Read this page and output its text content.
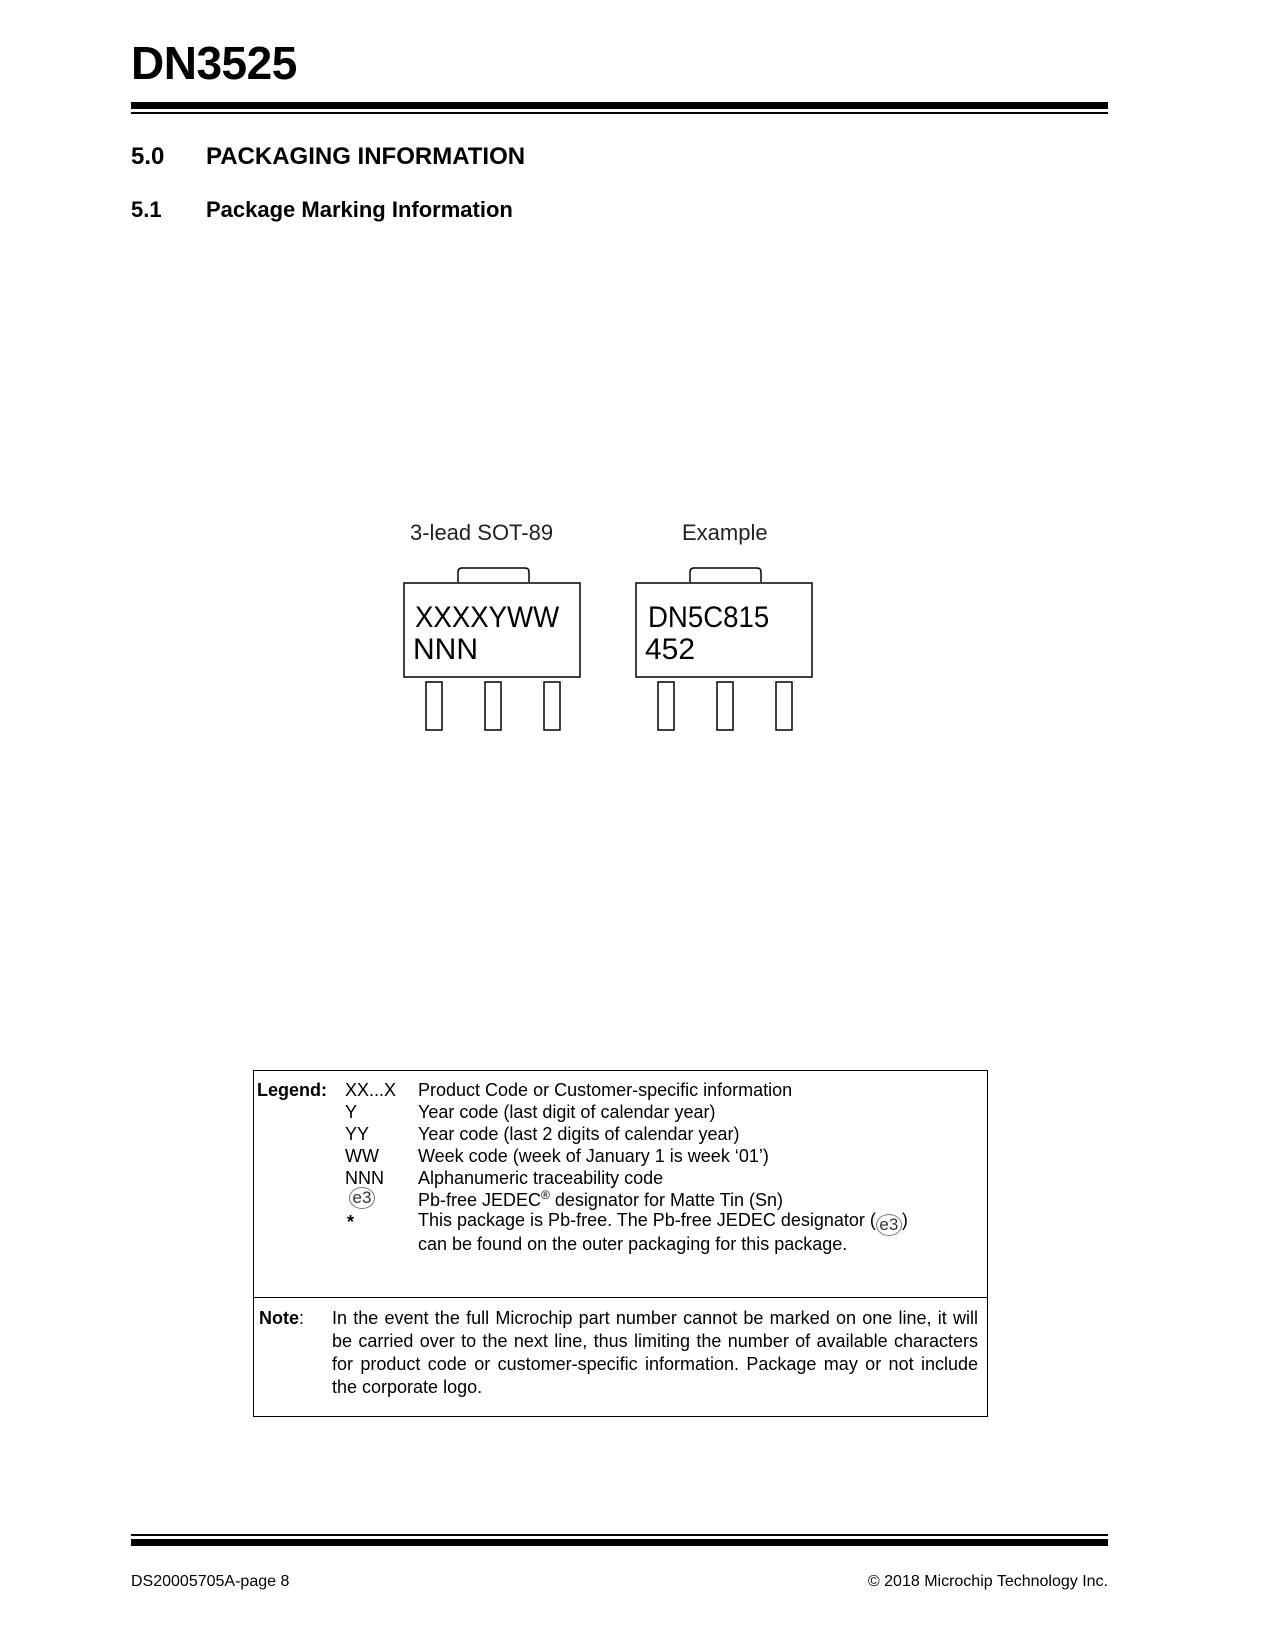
DN3525
5.0 PACKAGING INFORMATION
5.1 Package Marking Information
3-lead SOT-89	Example
XXXXYWW
NNN
DN5C815
452
Legend: XX...X Product Code or Customer-specific information
Y	Year code (last digit of calendar year)
YY	Year code (last 2 digits of calendar year)
WW Week code (week of January 1 is week ‘01’)
NNN Alphanumeric traceability code
e3	Pb-free JEDEC® designator for Matte Tin (Sn)
*	This package is Pb-free. The Pb-free JEDEC designator ( e3 )
can be found on the outer packaging for this package.
Note: In the event the full Microchip part number cannot be marked on one line, it will be carried over to the next line, thus limiting the number of available characters for product code or customer-specific information. Package may or not include the corporate logo.
DS20005705A-page 8	© 2018 Microchip Technology Inc.
